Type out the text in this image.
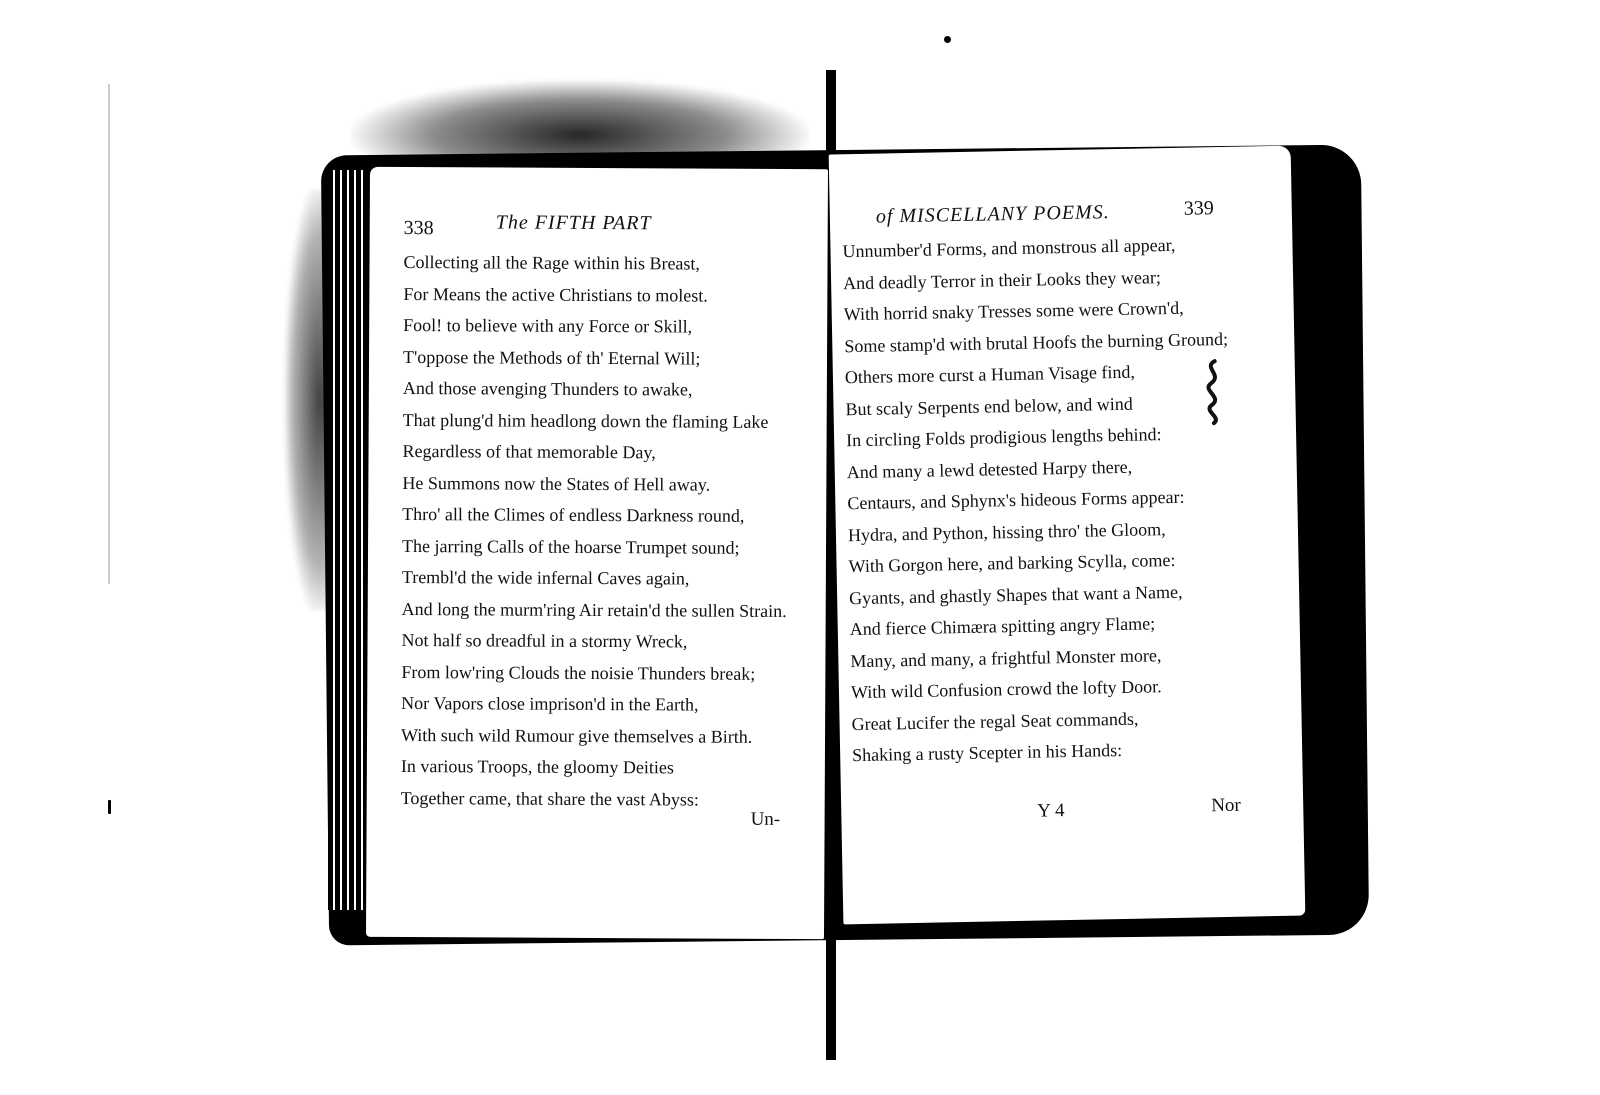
338	The FIFTH PART
Collecting all the Rage within his Breast,
For Means the active Christians to molest.
Fool! to believe with any Force or Skill,
T'oppose the Methods of th' Eternal Will;
And those avenging Thunders to awake,
That plung'd him headlong down the flaming Lake
Regardless of that memorable Day,
He Summons now the States of Hell away.
Thro' all the Climes of endless Darkness round,
The jarring Calls of the hoarse Trumpet sound;
Trembl'd the wide infernal Caves again,
And long the murm'ring Air retain'd the sullen Strain.
Not half so dreadful in a stormy Wreck,
From low'ring Clouds the noisie Thunders break;
Nor Vapors close imprison'd in the Earth,
With such wild Rumour give themselves a Birth.
In various Troops, the gloomy Deities
Together came, that share the vast Abyss:
Un-
of MISCELLANY POEMS.	339
Unnumber'd Forms, and monstrous all appear,
And deadly Terror in their Looks they wear;
With horrid snaky Tresses some were Crown'd,
Some stamp'd with brutal Hoofs the burning Ground;
Others more curst a Human Visage find,
But scaly Serpents end below, and wind
In circling Folds prodigious lengths behind:
And many a lewd detested Harpy there,
Centaurs, and Sphynx's hideous Forms appear:
Hydra, and Python, hissing thro' the Gloom,
With Gorgon here, and barking Scylla, come:
Gyants, and ghastly Shapes that want a Name,
And fierce Chimæra spitting angry Flame;
Many, and many, a frightful Monster more,
With wild Confusion crowd the lofty Door.
Great Lucifer the regal Seat commands,
Shaking a rusty Scepter in his Hands:
Y 4	Nor
